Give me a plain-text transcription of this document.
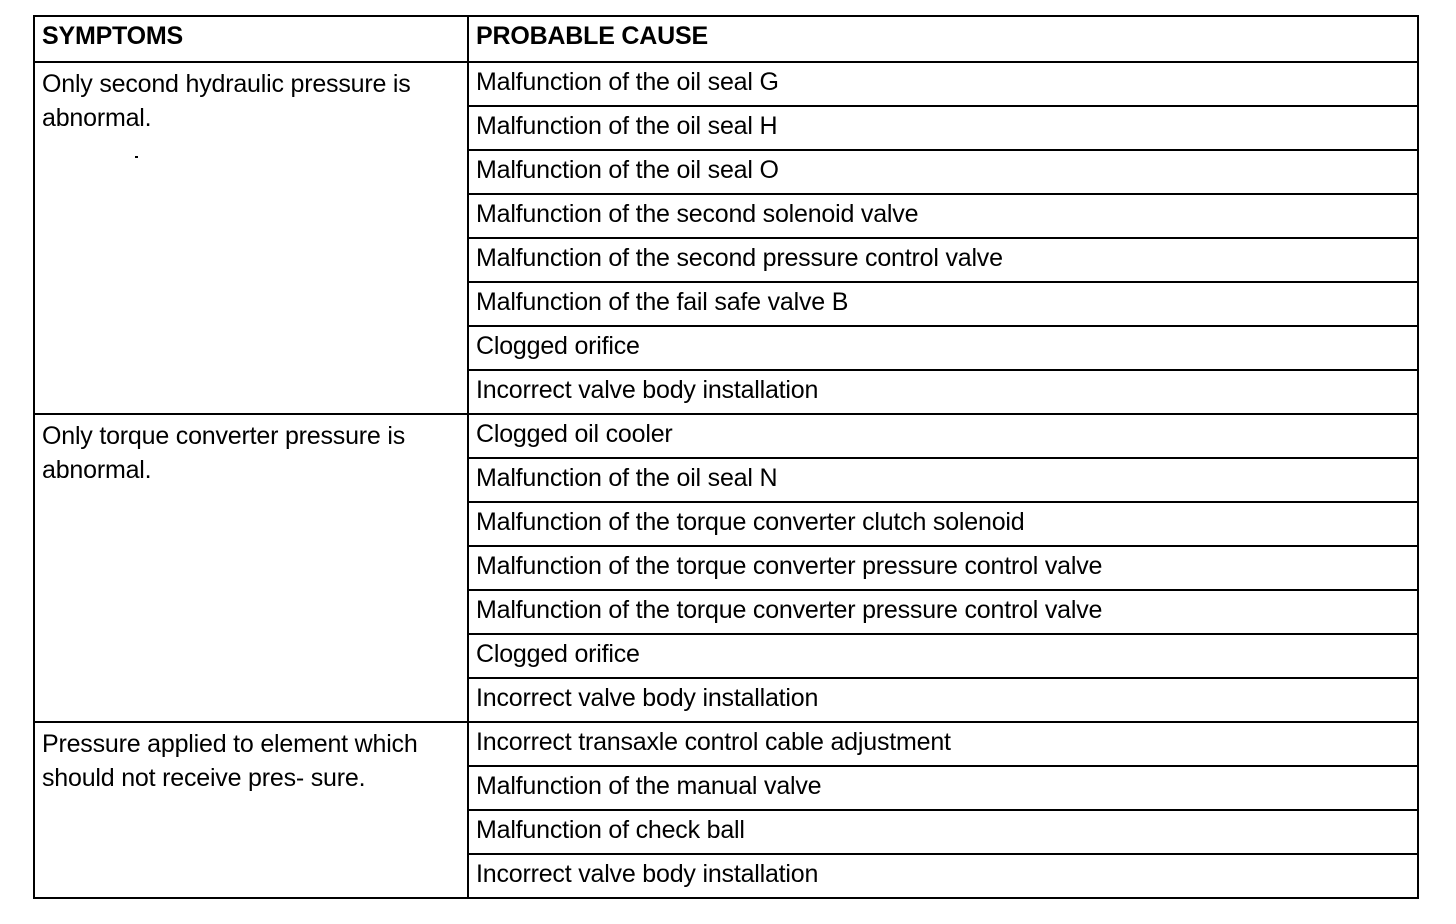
SYMPTOMS	PROBABLE CAUSE
Only second hydraulic pressure is abnormal.	Malfunction of the oil seal G
	Malfunction of the oil seal H
	Malfunction of the oil seal O
	Malfunction of the second solenoid valve
	Malfunction of the second pressure control valve
	Malfunction of the fail safe valve B
	Clogged orifice
	Incorrect valve body installation
Only torque converter pressure is abnormal.	Clogged oil cooler
	Malfunction of the oil seal N
	Malfunction of the torque converter clutch solenoid
	Malfunction of the torque converter pressure control valve
	Malfunction of the torque converter pressure control valve
	Clogged orifice
	Incorrect valve body installation
Pressure applied to element which should not receive pres- sure.	Incorrect transaxle control cable adjustment
	Malfunction of the manual valve
	Malfunction of check ball
	Incorrect valve body installation
